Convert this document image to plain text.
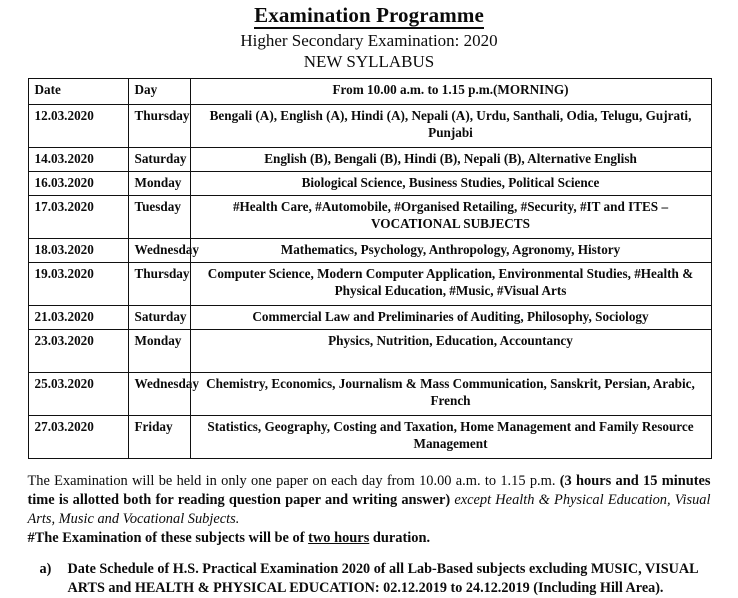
Examination Programme
Higher Secondary Examination: 2020
NEW SYLLABUS
Date	Day	From 10.00 a.m. to 1.15 p.m.(MORNING)
12.03.2020	Thursday	Bengali (A), English (A), Hindi (A), Nepali (A), Urdu, Santhali, Odia, Telugu, Gujrati, Punjabi
14.03.2020	Saturday	English (B), Bengali (B), Hindi (B), Nepali (B), Alternative English
16.03.2020	Monday	Biological Science, Business Studies, Political Science
17.03.2020	Tuesday	#Health Care, #Automobile, #Organised Retailing, #Security, #IT and ITES –VOCATIONAL SUBJECTS
18.03.2020	Wednesday	Mathematics, Psychology, Anthropology, Agronomy, History
19.03.2020	Thursday	Computer Science, Modern Computer Application, Environmental Studies, #Health & Physical Education, #Music, #Visual Arts
21.03.2020	Saturday	Commercial Law and Preliminaries of Auditing, Philosophy, Sociology
23.03.2020	Monday	Physics, Nutrition, Education, Accountancy
25.03.2020	Wednesday	Chemistry, Economics, Journalism & Mass Communication, Sanskrit, Persian, Arabic, French
27.03.2020	Friday	Statistics, Geography, Costing and Taxation, Home Management and Family Resource Management

The Examination will be held in only one paper on each day from 10.00 a.m. to 1.15 p.m. (3 hours and 15 minutes time is allotted both for reading question paper and writing answer) except Health & Physical Education, Visual Arts, Music and Vocational Subjects.

#The Examination of these subjects will be of two hours duration.

a)	Date Schedule of H.S. Practical Examination 2020 of all Lab-Based subjects excluding MUSIC, VISUAL ARTS and HEALTH & PHYSICAL EDUCATION: 02.12.2019 to 24.12.2019 (Including Hill Area).
